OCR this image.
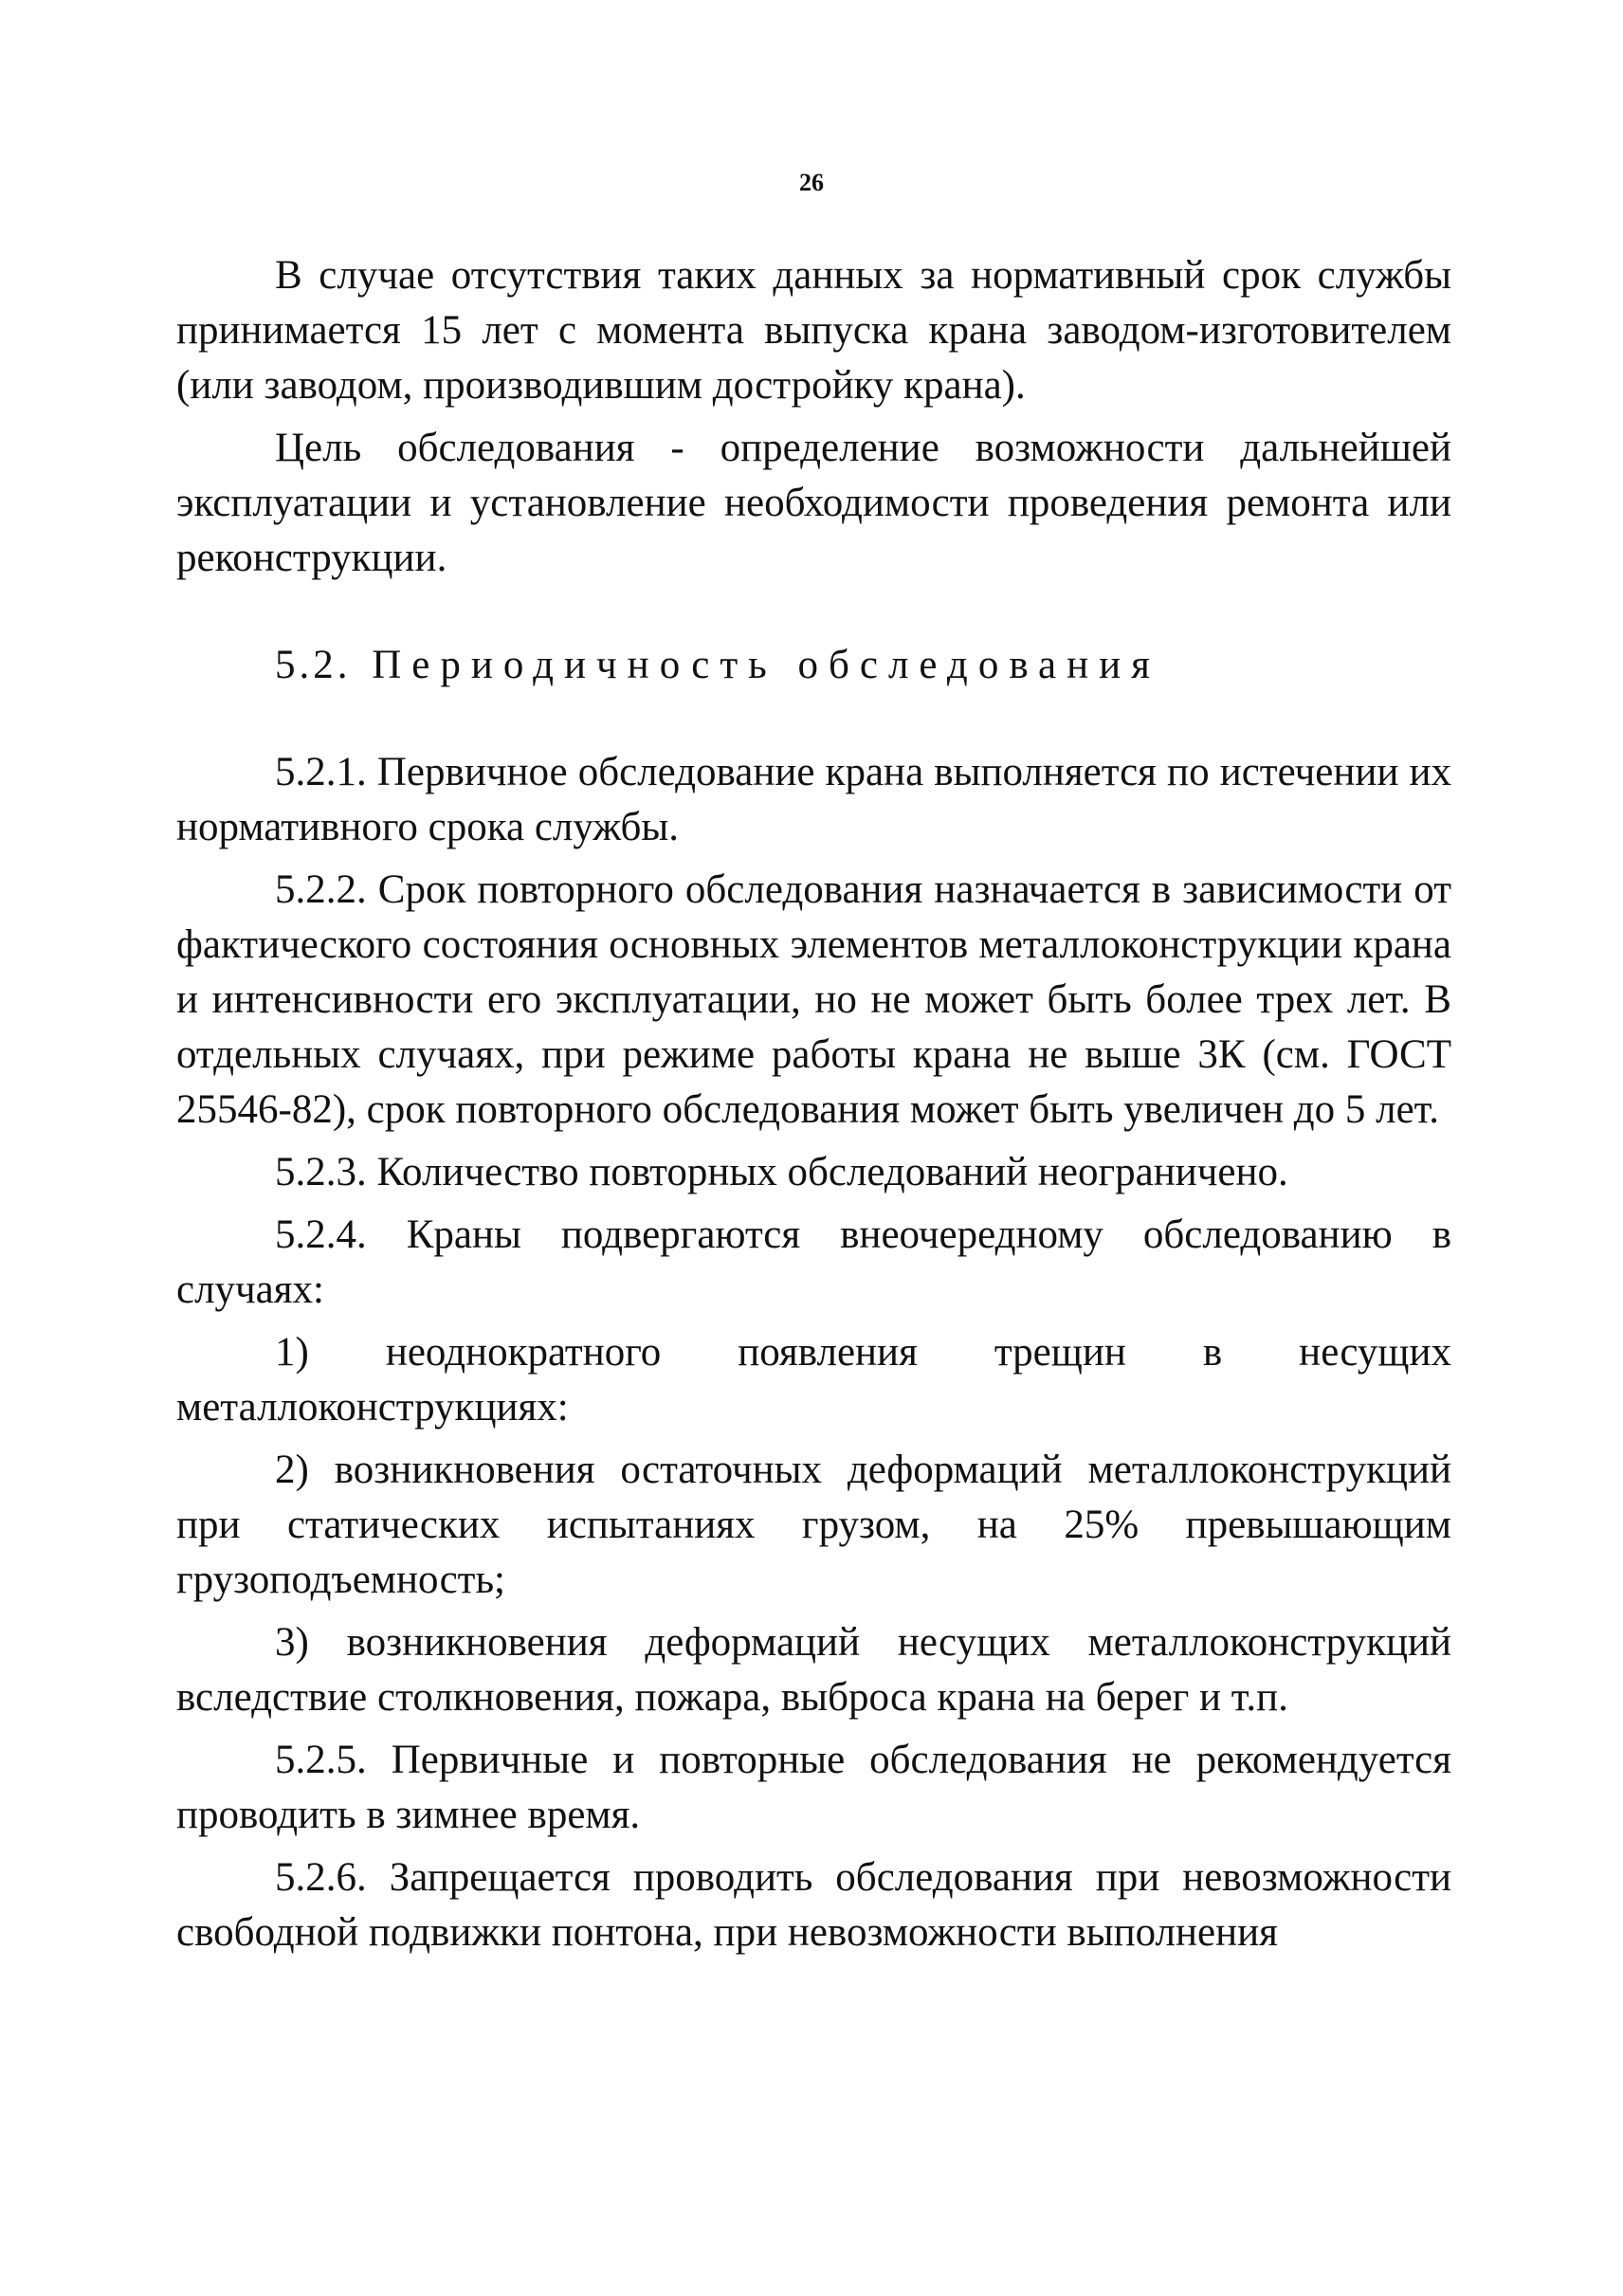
26

В случае отсутствия таких данных за нормативный срок службы принимается 15 лет с момента выпуска крана заводом-изготовителем (или заводом, производившим достройку крана).

Цель обследования - определение возможности дальнейшей эксплуатации и установление необходимости проведения ремонта или реконструкции.

5.2. Периодичность обследования

5.2.1. Первичное обследование крана выполняется по истечении их нормативного срока службы.

5.2.2. Срок повторного обследования назначается в зависимости от фактического состояния основных элементов металлоконструкции крана и интенсивности его эксплуатации, но не может быть более трех лет. В отдельных случаях, при режиме работы крана не выше 3К (см. ГОСТ 25546-82), срок повторного обследования может быть увеличен до 5 лет.

5.2.3. Количество повторных обследований неограничено.

5.2.4. Краны подвергаются внеочередному обследованию в случаях:

1) неоднократного появления трещин в несущих металлоконструкциях:

2) возникновения остаточных деформаций металлоконструкций при статических испытаниях грузом, на 25% превышающим грузоподъемность;

3) возникновения деформаций несущих металлоконструкций вследствие столкновения, пожара, выброса крана на берег и т.п.

5.2.5. Первичные и повторные обследования не рекомендуется проводить в зимнее время.

5.2.6. Запрещается проводить обследования при невозможности свободной подвижки понтона, при невозможности выполнения
